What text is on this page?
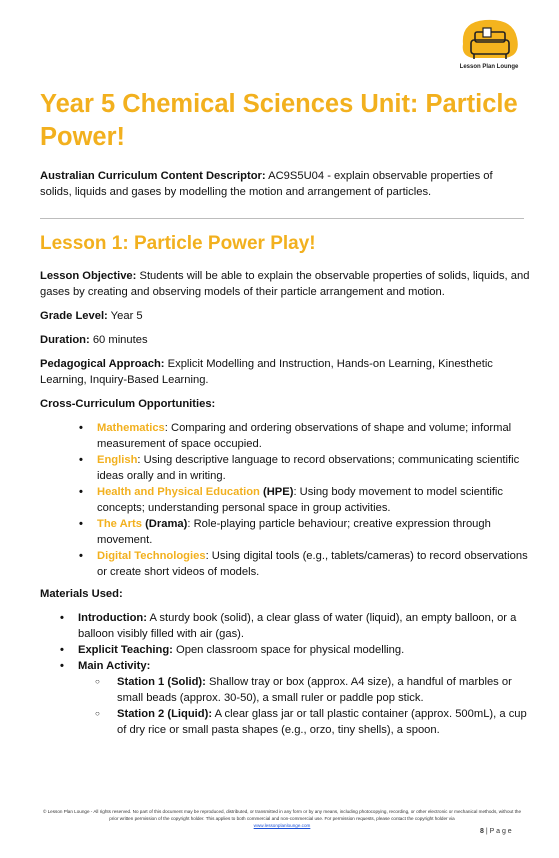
Lesson Plan Lounge
Year 5 Chemical Sciences Unit: Particle Power!

Australian Curriculum Content Descriptor: AC9S5U04 - explain observable properties of solids, liquids and gases by modelling the motion and arrangement of particles.

Lesson 1: Particle Power Play!

Lesson Objective: Students will be able to explain the observable properties of solids, liquids, and gases by creating and observing models of their particle arrangement and motion.

Grade Level: Year 5

Duration: 60 minutes

Pedagogical Approach: Explicit Modelling and Instruction, Hands-on Learning, Kinesthetic Learning, Inquiry-Based Learning.

Cross-Curriculum Opportunities:

• Mathematics: Comparing and ordering observations of shape and volume; informal measurement of space occupied.
• English: Using descriptive language to record observations; communicating scientific ideas orally and in writing.
• Health and Physical Education (HPE): Using body movement to model scientific concepts; understanding personal space in group activities.
• The Arts (Drama): Role-playing particle behaviour; creative expression through movement.
• Digital Technologies: Using digital tools (e.g., tablets/cameras) to record observations or create short videos of models.

Materials Used:

• Introduction: A sturdy book (solid), a clear glass of water (liquid), an empty balloon, or a balloon visibly filled with air (gas).
• Explicit Teaching: Open classroom space for physical modelling.
• Main Activity:
○ Station 1 (Solid): Shallow tray or box (approx. A4 size), a handful of marbles or small beads (approx. 30-50), a small ruler or paddle pop stick.
○ Station 2 (Liquid): A clear glass jar or tall plastic container (approx. 500mL), a cup of dry rice or small pasta shapes (e.g., orzo, tiny shells), a spoon.
© Lesson Plan Lounge - All rights reserved. No part of this document may be reproduced, distributed, or transmitted in any form or by any means, including photocopying, recording, or other electronic or mechanical methods, without the prior written permission of the copyright holder. This applies to both commercial and non-commercial use. For permission requests, please contact the copyright holder via
www.lessonplanlounge.com
8 | P a g e
